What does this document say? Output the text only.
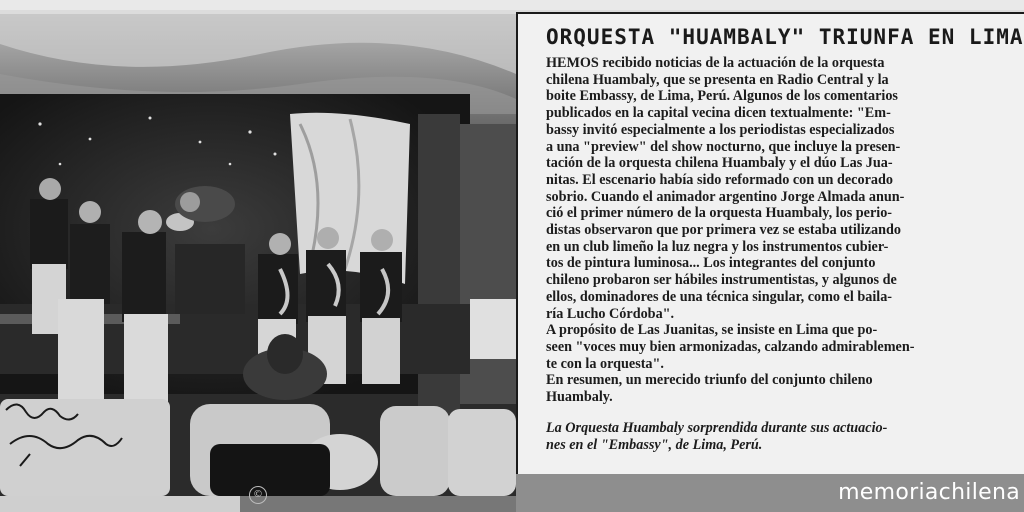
©
ORQUESTA "HUAMBALY" TRIUNFA EN LIMA
HEMOS recibido noticias de la actuación de la orquesta
chilena Huambaly, que se presenta en Radio Central y la
boite Embassy, de Lima, Perú. Algunos de los comentarios
publicados en la capital vecina dicen textualmente: "Em-
bassy invitó especialmente a los periodistas especializados
a una "preview" del show nocturno, que incluye la presen-
tación de la orquesta chilena Huambaly y el dúo Las Jua-
nitas. El escenario había sido reformado con un decorado
sobrio. Cuando el animador argentino Jorge Almada anun-
ció el primer número de la orquesta Huambaly, los perio-
distas observaron que por primera vez se estaba utilizando
en un club limeño la luz negra y los instrumentos cubier-
tos de pintura luminosa... Los integrantes del conjunto
chileno probaron ser hábiles instrumentistas, y algunos de
ellos, dominadores de una técnica singular, como el baila-
ría Lucho Córdoba".
A propósito de Las Juanitas, se insiste en Lima que po-
seen "voces muy bien armonizadas, calzando admirablemen-
te con la orquesta".
En resumen, un merecido triunfo del conjunto chileno
Huambaly.
La Orquesta Huambaly sorprendida durante sus actuacio-
nes en el "Embassy", de Lima, Perú.
memoriachilena
